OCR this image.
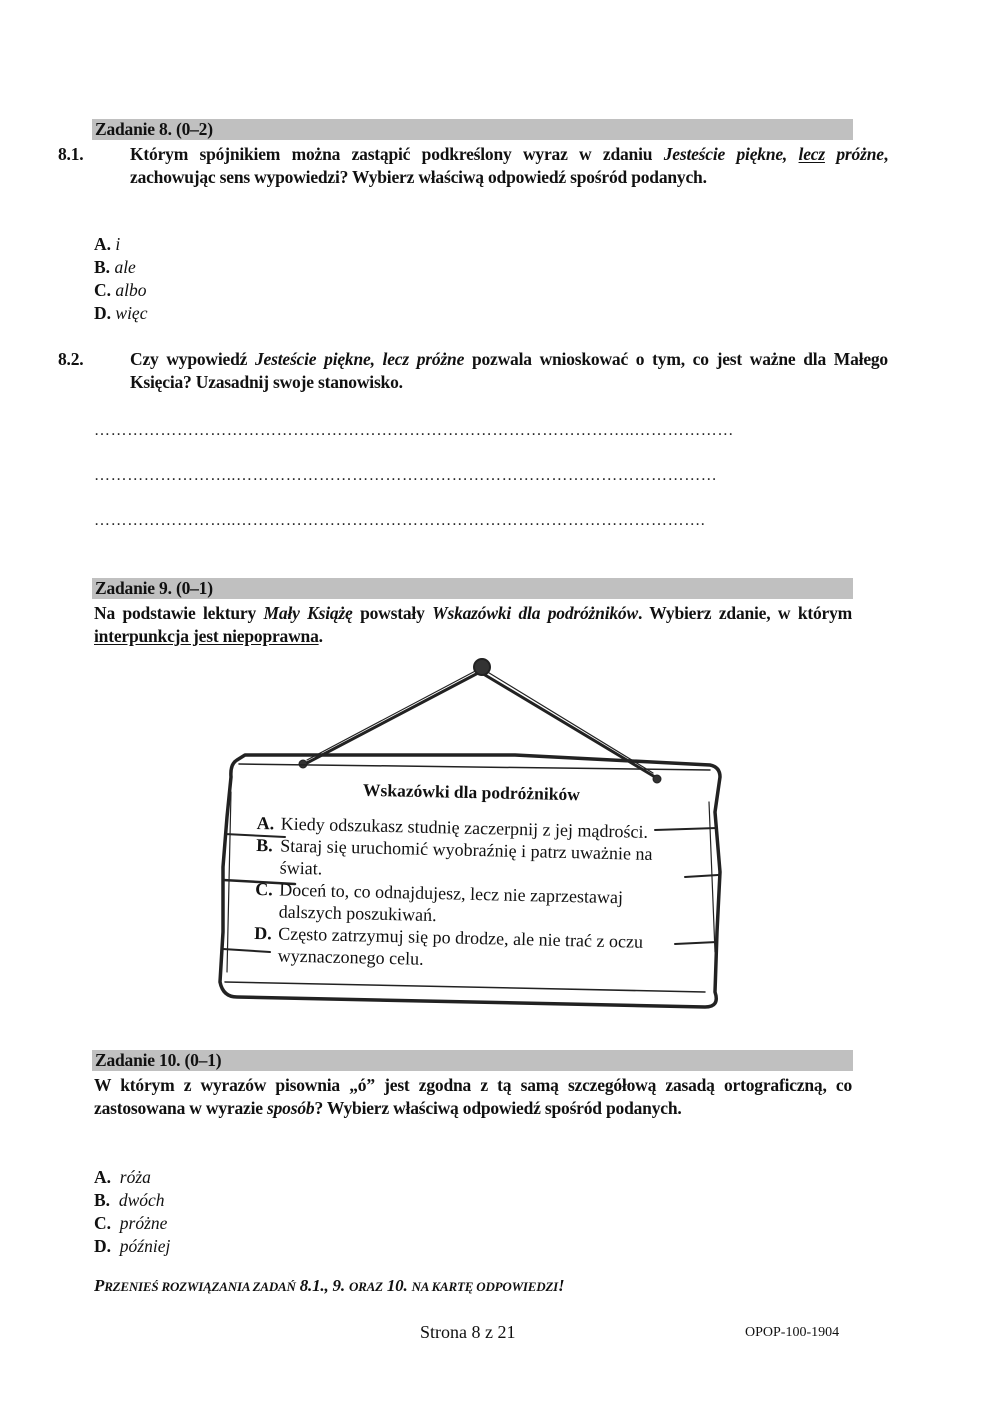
Zadanie 8. (0–2)
8.1.	Którym spójnikiem można zastąpić podkreślony wyraz w zdaniu Jesteście piękne, lecz próżne, zachowując sens wypowiedzi? Wybierz właściwą odpowiedź spośród podanych.
A. i
B. ale
C. albo
D. więc
8.2.	Czy wypowiedź Jesteście piękne, lecz próżne pozwala wnioskować o tym, co jest ważne dla Małego Księcia? Uzasadnij swoje stanowisko.
……………………………………………………………………………………..………………
……………………..……………………………………………………………………………
……………………..………………………………………………………………………….
Zadanie 9. (0–1)
Na podstawie lektury Mały Książę powstały Wskazówki dla podróżników. Wybierz zdanie, w którym interpunkcja jest niepoprawna.
Wskazówki dla podróżników
A. Kiedy odszukasz studnię zaczerpnij z jej mądrości.
B. Staraj się uruchomić wyobraźnię i patrz uważnie na świat.
C. Doceń to, co odnajdujesz, lecz nie zaprzestawaj dalszych poszukiwań.
D. Często zatrzymuj się po drodze, ale nie trać z oczu wyznaczonego celu.
Zadanie 10. (0–1)
W którym z wyrazów pisownia „ó” jest zgodna z tą samą szczegółową zasadą ortograficzną, co zastosowana w wyrazie sposób? Wybierz właściwą odpowiedź spośród podanych.
A. róża
B. dwóch
C. próżne
D. później
PRZENIEŚ ROZWIĄZANIA ZADAŃ 8.1., 9. ORAZ 10. NA KARTĘ ODPOWIEDZI!
Strona 8 z 21	OPOP-100-1904
